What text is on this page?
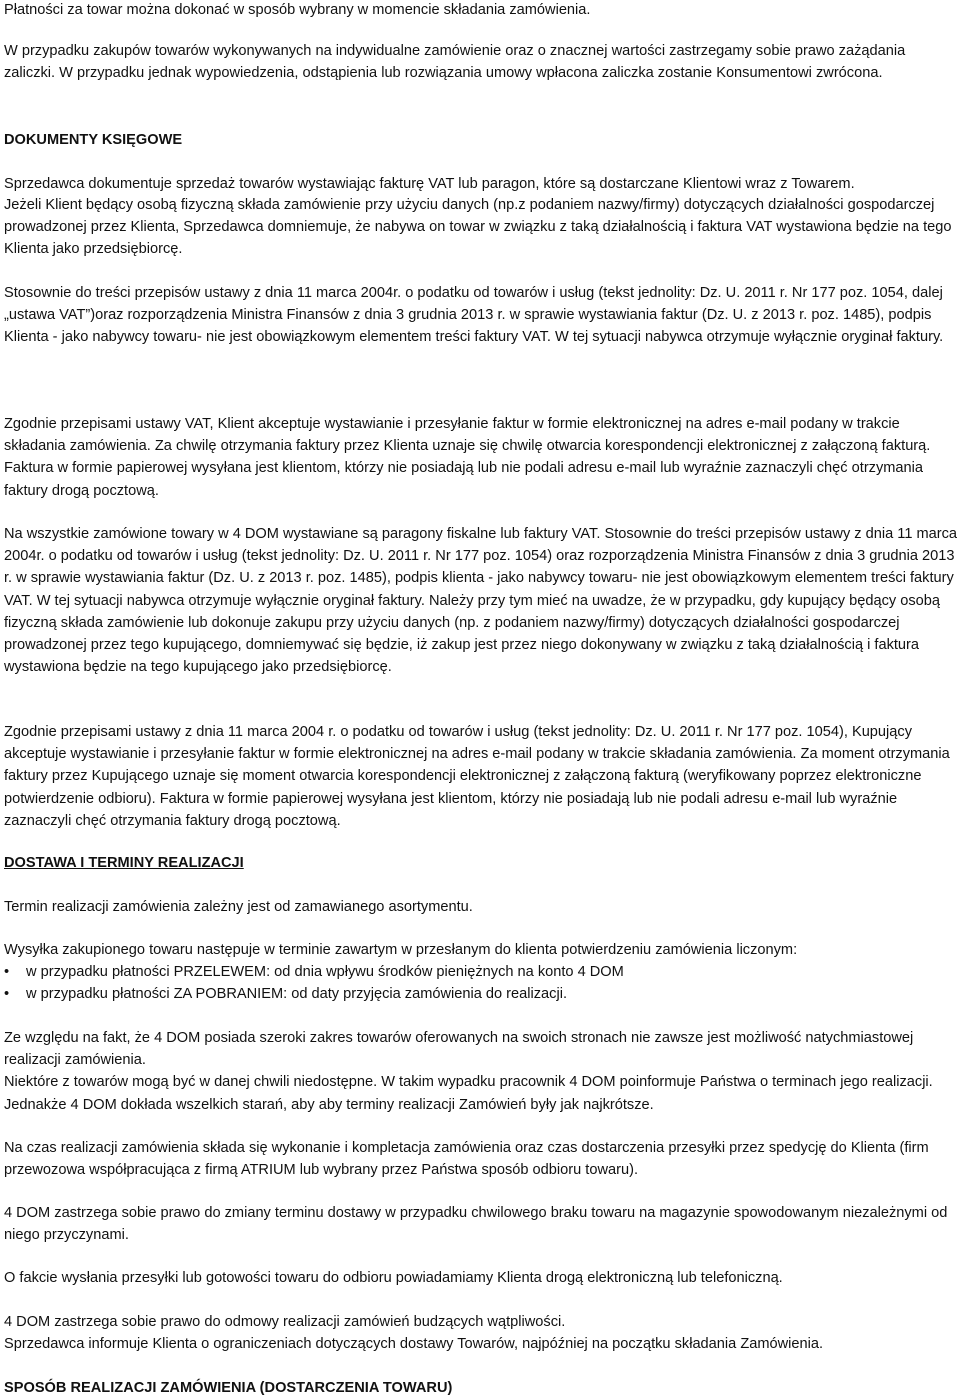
Płatności za towar można dokonać w sposób wybrany w momencie składania zamówienia.

W przypadku zakupów towarów wykonywanych na indywidualne zamówienie oraz o znacznej wartości zastrzegamy sobie prawo zażądania zaliczki. W przypadku jednak wypowiedzenia, odstąpienia lub rozwiązania umowy wpłacona zaliczka zostanie Konsumentowi zwrócona.

DOKUMENTY KSIĘGOWE

Sprzedawca dokumentuje sprzedaż towarów wystawiając fakturę VAT lub paragon, które są dostarczane Klientowi wraz z Towarem.

Jeżeli Klient będący osobą fizyczną składa zamówienie przy użyciu danych (np.z podaniem nazwy/firmy) dotyczących działalności gospodarczej prowadzonej przez Klienta, Sprzedawca domniemuje, że nabywa on towar w związku z taką działalnością i faktura VAT wystawiona będzie na tego Klienta jako przedsiębiorcę.

Stosownie do treści przepisów ustawy z dnia 11 marca 2004r. o podatku od towarów i usług (tekst jednolity: Dz. U. 2011 r. Nr 177 poz. 1054, dalej „ustawa VAT”)oraz rozporządzenia Ministra Finansów z dnia 3 grudnia 2013 r. w sprawie wystawiania faktur (Dz. U. z 2013 r. poz. 1485), podpis Klienta - jako nabywcy towaru- nie jest obowiązkowym elementem treści faktury VAT. W tej sytuacji nabywca otrzymuje wyłącznie oryginał faktury.

Zgodnie przepisami ustawy VAT, Klient akceptuje wystawianie i przesyłanie faktur w formie elektronicznej na adres e-mail podany w trakcie składania zamówienia. Za chwilę otrzymania faktury przez Klienta uznaje się chwilę otwarcia korespondencji elektronicznej z załączoną fakturą. Faktura w formie papierowej wysyłana jest klientom, którzy nie posiadają lub nie podali adresu e-mail lub wyraźnie zaznaczyli chęć otrzymania faktury drogą pocztową.

Na wszystkie zamówione towary w 4 DOM wystawiane są paragony fiskalne lub faktury VAT. Stosownie do treści przepisów ustawy z dnia 11 marca 2004r. o podatku od towarów i usług (tekst jednolity: Dz. U. 2011 r. Nr 177 poz. 1054) oraz rozporządzenia Ministra Finansów z dnia 3 grudnia 2013 r. w sprawie wystawiania faktur (Dz. U. z 2013 r. poz. 1485), podpis klienta - jako nabywcy towaru- nie jest obowiązkowym elementem treści faktury VAT. W tej sytuacji nabywca otrzymuje wyłącznie oryginał faktury. Należy przy tym mieć na uwadze, że w przypadku, gdy kupujący będący osobą fizyczną składa zamówienie lub dokonuje zakupu przy użyciu danych (np. z podaniem nazwy/firmy) dotyczących działalności gospodarczej prowadzonej przez tego kupującego, domniemywać się będzie, iż zakup jest przez niego dokonywany w związku z taką działalnością i faktura wystawiona będzie na tego kupującego jako przedsiębiorcę.

Zgodnie przepisami ustawy z dnia 11 marca 2004 r. o podatku od towarów i usług (tekst jednolity: Dz. U. 2011 r. Nr 177 poz. 1054), Kupujący akceptuje wystawianie i przesyłanie faktur w formie elektronicznej na adres e-mail podany w trakcie składania zamówienia. Za moment otrzymania faktury przez Kupującego uznaje się moment otwarcia korespondencji elektronicznej z załączoną fakturą (weryfikowany poprzez elektroniczne potwierdzenie odbioru). Faktura w formie papierowej wysyłana jest klientom, którzy nie posiadają lub nie podali adresu e-mail lub wyraźnie zaznaczyli chęć otrzymania faktury drogą pocztową.

DOSTAWA I TERMINY REALIZACJI

Termin realizacji zamówienia zależny jest od zamawianego asortymentu.

Wysyłka zakupionego towaru następuje w terminie zawartym w przesłanym do klienta potwierdzeniu zamówienia liczonym:

• w przypadku płatności PRZELEWEM: od dnia wpływu środków pieniężnych na konto 4 DOM
• w przypadku płatności ZA POBRANIEM: od daty przyjęcia zamówienia do realizacji.

Ze względu na fakt, że 4 DOM posiada szeroki zakres towarów oferowanych na swoich stronach nie zawsze jest możliwość natychmiastowej realizacji zamówienia.

Niektóre z towarów mogą być w danej chwili niedostępne. W takim wypadku pracownik 4 DOM poinformuje Państwa o terminach jego realizacji. Jednakże 4 DOM dokłada wszelkich starań, aby aby terminy realizacji Zamówień były jak najkrótsze.

Na czas realizacji zamówienia składa się wykonanie i kompletacja zamówienia oraz czas dostarczenia przesyłki przez spedycję do Klienta (firm przewozowa współpracująca z firmą ATRIUM lub wybrany przez Państwa sposób odbioru towaru).

4 DOM zastrzega sobie prawo do zmiany terminu dostawy w przypadku chwilowego braku towaru na magazynie spowodowanym niezależnymi od niego przyczynami.

O fakcie wysłania przesyłki lub gotowości towaru do odbioru powiadamiamy Klienta drogą elektroniczną lub telefoniczną.

4 DOM zastrzega sobie prawo do odmowy realizacji zamówień budzących wątpliwości.

Sprzedawca informuje Klienta o ograniczeniach dotyczących dostawy Towarów, najpóźniej na początku składania Zamówienia.

SPOSÓB REALIZACJI ZAMÓWIENIA (DOSTARCZENIA TOWARU)
